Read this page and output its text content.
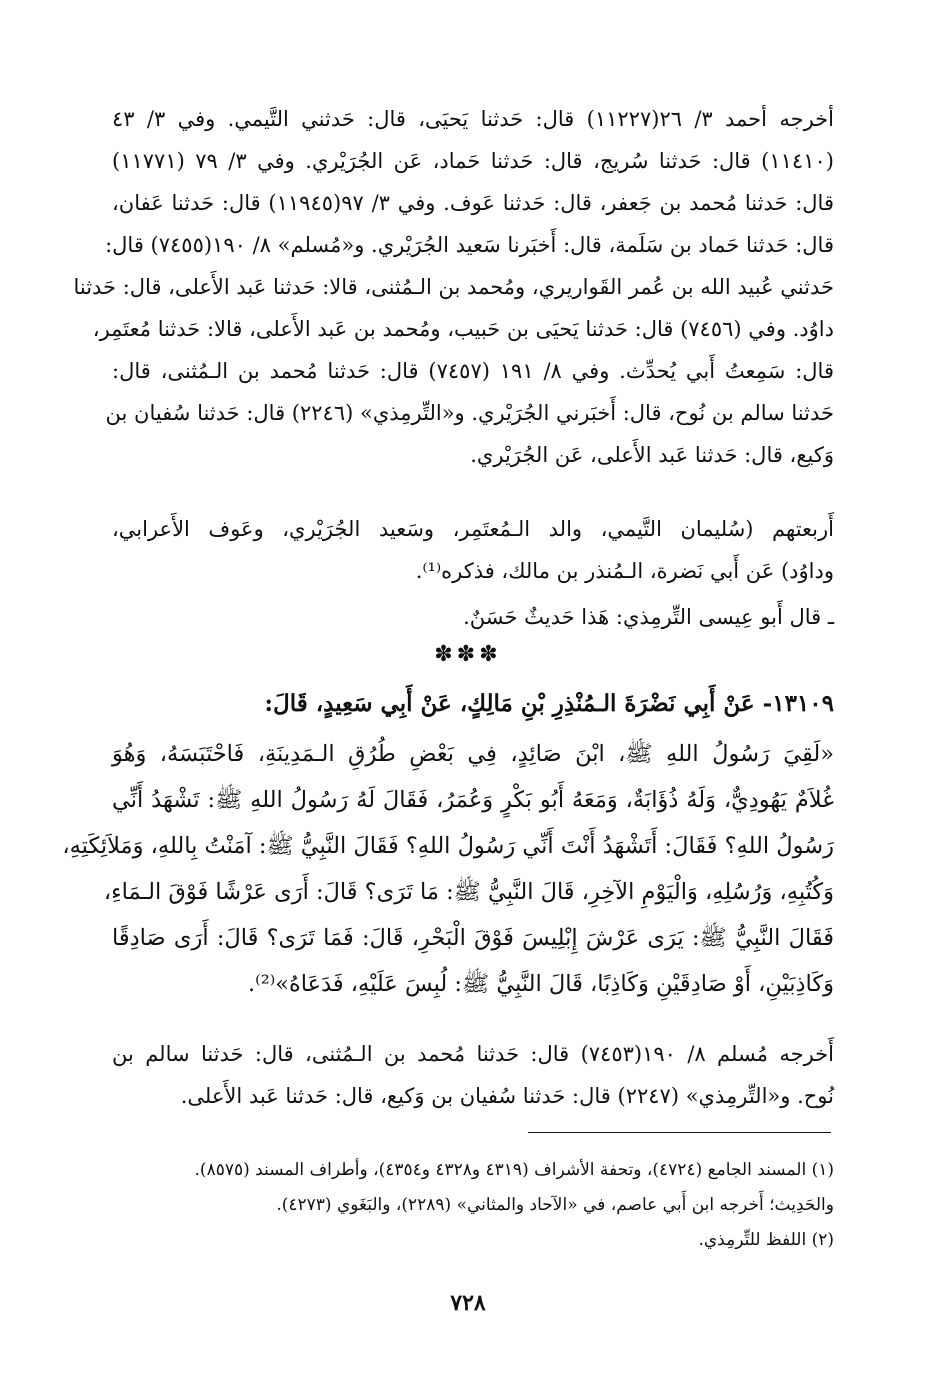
أخرجه أحمد ٣/ ٢٦(١١٢٢٧) قال: حَدثنا يَحيَى، قال: حَدثني التَّيمي. وفي ٣/ ٤٣
(١١٤١٠) قال: حَدثنا سُريج، قال: حَدثنا حَماد، عَن الجُرَيْري. وفي ٣/ ٧٩ (١١٧٧١)
قال: حَدثنا مُحمد بن جَعفر، قال: حَدثنا عَوف. وفي ٣/ ٩٧(١١٩٤٥) قال: حَدثنا عَفان،
قال: حَدثنا حَماد بن سَلَمة، قال: أَخبَرنا سَعيد الجُرَيْري. و«مُسلم» ٨/ ١٩٠(٧٤٥٥) قال:
حَدثني عُبيد الله بن عُمر القَواريري، ومُحمد بن الـمُثنى، قالا: حَدثنا عَبد الأَعلى، قال: حَدثنا
داوُد. وفي (٧٤٥٦) قال: حَدثنا يَحيَى بن حَبيب، ومُحمد بن عَبد الأَعلى، قالا: حَدثنا مُعتَمِر،
قال: سَمِعتُ أَبي يُحدِّث. وفي ٨/ ١٩١ (٧٤٥٧) قال: حَدثنا مُحمد بن الـمُثنى، قال:
حَدثنا سالم بن نُوح، قال: أَخبَرني الجُرَيْري. و«التِّرمِذي» (٢٢٤٦) قال: حَدثنا سُفيان بن
وَكيع، قال: حَدثنا عَبد الأَعلى، عَن الجُرَيْري.
أَربعتهم (سُليمان التَّيمي، والد الـمُعتَمِر، وسَعيد الجُرَيْري، وعَوف الأَعرابي،
وداوُد) عَن أَبي نَضرة، الـمُنذر بن مالك، فذكره⁽¹⁾.
ـ قال أَبو عِيسى التِّرمِذي: هَذا حَديثٌ حَسَنٌ.
✽✽✽
١٣١٠٩- عَنْ أَبِي نَضْرَةَ الـمُنْذِرِ بْنِ مَالِكٍ، عَنْ أَبِي سَعِيدٍ، قَالَ:
«لَقِيَ رَسُولُ اللهِ ﷺ، ابْنَ صَائِدٍ، فِي بَعْضِ طُرُقِ الـمَدِينَةِ، فَاحْتَبَسَهُ، وَهُوَ
غُلاَمٌ يَهُودِيٌّ، وَلَهُ ذُؤَابَةٌ، وَمَعَهُ أَبُو بَكْرٍ وَعُمَرُ، فَقَالَ لَهُ رَسُولُ اللهِ ﷺ: تَشْهَدُ أَنِّي
رَسُولُ اللهِ؟ فَقَالَ: أَتَشْهَدُ أَنْتَ أَنِّي رَسُولُ اللهِ؟ فَقَالَ النَّبِيُّ ﷺ: آمَنْتُ بِاللهِ، وَمَلاَئِكَتِهِ،
وَكُتُبِهِ، وَرُسُلِهِ، وَالْيَوْمِ الآخِرِ، قَالَ النَّبِيُّ ﷺ: مَا تَرَى؟ قَالَ: أَرَى عَرْشًا فَوْقَ الـمَاءِ،
فَقَالَ النَّبِيُّ ﷺ: يَرَى عَرْشَ إِبْلِيسَ فَوْقَ الْبَحْرِ، قَالَ: فَمَا تَرَى؟ قَالَ: أَرَى صَادِقًا
وَكَاذِبَيْنِ، أَوْ صَادِقَيْنِ وَكَاذِبًا، قَالَ النَّبِيُّ ﷺ: لُبِسَ عَلَيْهِ، فَدَعَاهُ»⁽²⁾.
أَخرجه مُسلم ٨/ ١٩٠(٧٤٥٣) قال: حَدثنا مُحمد بن الـمُثنى، قال: حَدثنا سالم بن
نُوح. و«التِّرمِذي» (٢٢٤٧) قال: حَدثنا سُفيان بن وَكيع، قال: حَدثنا عَبد الأَعلى.
(١) المسند الجامع (٤٧٢٤)، وتحفة الأشراف (٤٣١٩ و٤٣٢٨ و٤٣٥٤)، وأطراف المسند (٨٥٧٥).
والحَدِيث؛ أَخرجه ابن أَبي عاصم، في «الآحاد والمثاني» (٢٢٨٩)، والبَغَوي (٤٢٧٣).
(٢) اللفظ للتِّرمِذي.
٧٢٨
